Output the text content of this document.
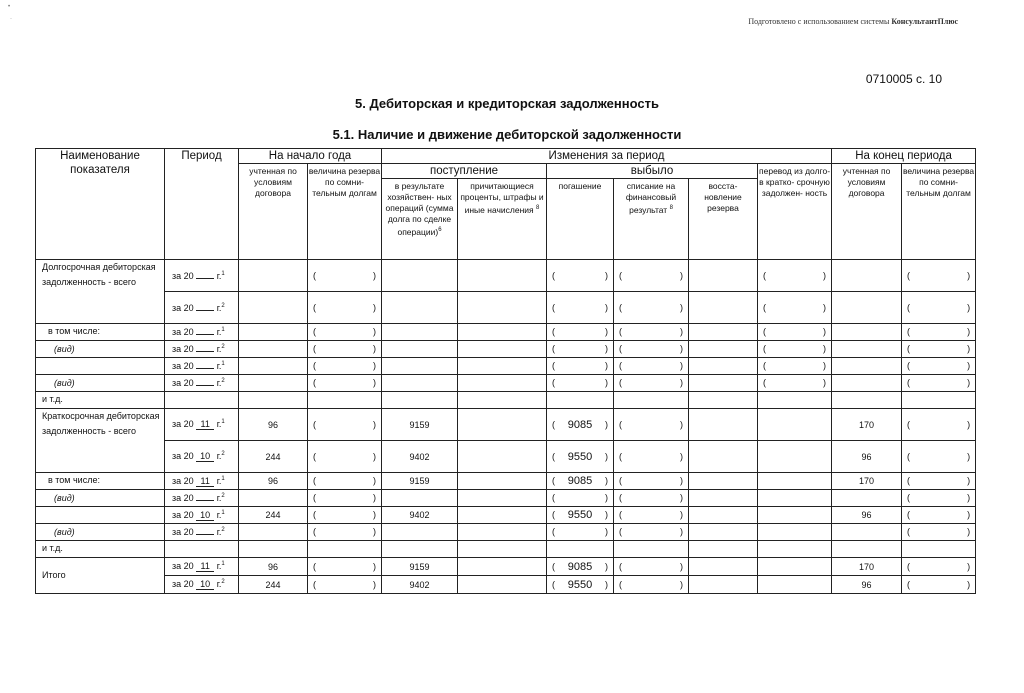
Подготовлено с использованием системы КонсультантПлюс
0710005 с. 10
5. Дебиторская и кредиторская задолженность
5.1. Наличие и движение дебиторской задолженности
•
·
Наименование показателя	Период	На начало года		Изменения за период						На конец периода	
		учтенная по условиям договора	величина резерва по сомни- тельным долгам	поступление		выбыло			перевод из долго- в кратко- срочную задолжен- ность	учтенная по условиям договора	величина резерва по сомни- тельным долгам
				в результате хозяйствен- ных операций (сумма долга по сделке операции)$^6$	причитающиеся проценты, штрафы и иные начисления $^8$	погашение	списание на финансовый результат $^8$	восста- новление резерва			
Долгосрочная дебиторская задолженность - всего	за 20 г.$^1$		( )			( )	( )		( )		( )

	за 20 г.$^2$		( )			( )	( )		( )		( )

в том числе:	за 20 г.$^1$		( )			( )	( )		( )		( )

(вид)	за 20 г.$^2$		( )			( )	( )		( )		( )

	за 20 г.$^1$		( )			( )	( )		( )		( )

(вид)	за 20 г.$^2$		( )			( )	( )		( )		( )

и т.д.											
Краткосрочная дебиторская задолженность - всего	за 20 11 г.$^1$	96	( )	9159		( 9085 )	( )			170	( )

	за 20 10 г.$^2$	244	( )	9402		( 9550 )	( )			96	( )

в том числе:	за 20 11 г.$^1$	96	( )	9159		( 9085 )	( )			170	( )

(вид)	за 20 г.$^2$		( )			( )	( )				( )

	за 20 10 г.$^1$	244	( )	9402		( 9550 )	( )			96	( )

(вид)	за 20 г.$^2$		( )			( )	( )				( )

и т.д.											
Итого	за 20 11 г.$^1$	96	( )	9159		( 9085 )	( )			170	( )

	за 20 10 г.$^2$	244	( )	9402		( 9550 )	( )			96	( )
